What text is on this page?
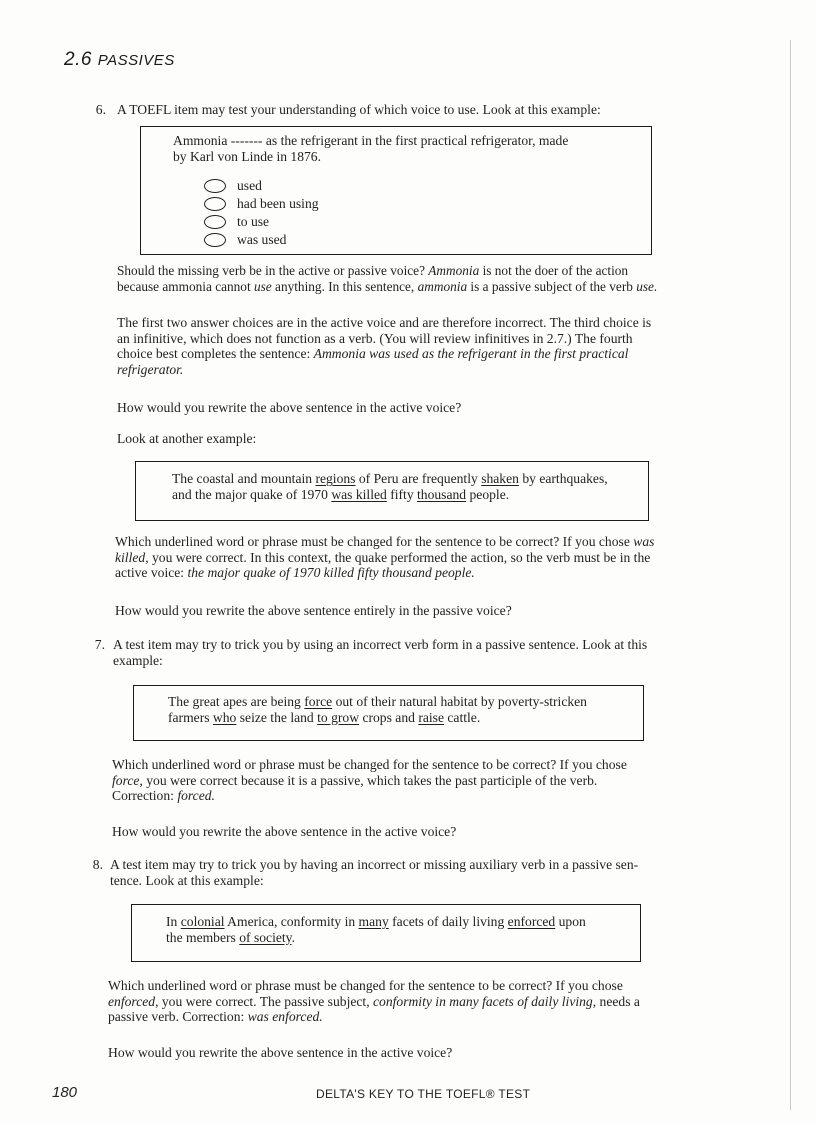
2.6 PASSIVES
6. A TOEFL item may test your understanding of which voice to use. Look at this example:

Ammonia ------- as the refrigerant in the first practical refrigerator, made

by Karl von Linde in 1876.

used
had been using
to use
was used

Should the missing verb be in the active or passive voice? Ammonia is not the doer of the action
because ammonia cannot use anything. In this sentence, ammonia is a passive subject of the verb use.

The first two answer choices are in the active voice and are therefore incorrect. The third choice is
an infinitive, which does not function as a verb. (You will review infinitives in 2.7.) The fourth
choice best completes the sentence: Ammonia was used as the refrigerant in the first practical
refrigerator.

How would you rewrite the above sentence in the active voice?

Look at another example:

The coastal and mountain regions of Peru are frequently shaken by earthquakes,
and the major quake of 1970 was killed fifty thousand people.

Which underlined word or phrase must be changed for the sentence to be correct? If you chose was
killed, you were correct. In this context, the quake performed the action, so the verb must be in the
active voice: the major quake of 1970 killed fifty thousand people.

How would you rewrite the above sentence entirely in the passive voice?

7. A test item may try to trick you by using an incorrect verb form in a passive sentence. Look at this
example:

The great apes are being force out of their natural habitat by poverty-stricken
farmers who seize the land to grow crops and raise cattle.

Which underlined word or phrase must be changed for the sentence to be correct? If you chose
force, you were correct because it is a passive, which takes the past participle of the verb.
Correction: forced.

How would you rewrite the above sentence in the active voice?

8. A test item may try to trick you by having an incorrect or missing auxiliary verb in a passive sen-
tence. Look at this example:

In colonial America, conformity in many facets of daily living enforced upon
the members of society.

Which underlined word or phrase must be changed for the sentence to be correct? If you chose
enforced, you were correct. The passive subject, conformity in many facets of daily living, needs a
passive verb. Correction: was enforced.

How would you rewrite the above sentence in the active voice?

180	DELTA'S KEY TO THE TOEFL® TEST
